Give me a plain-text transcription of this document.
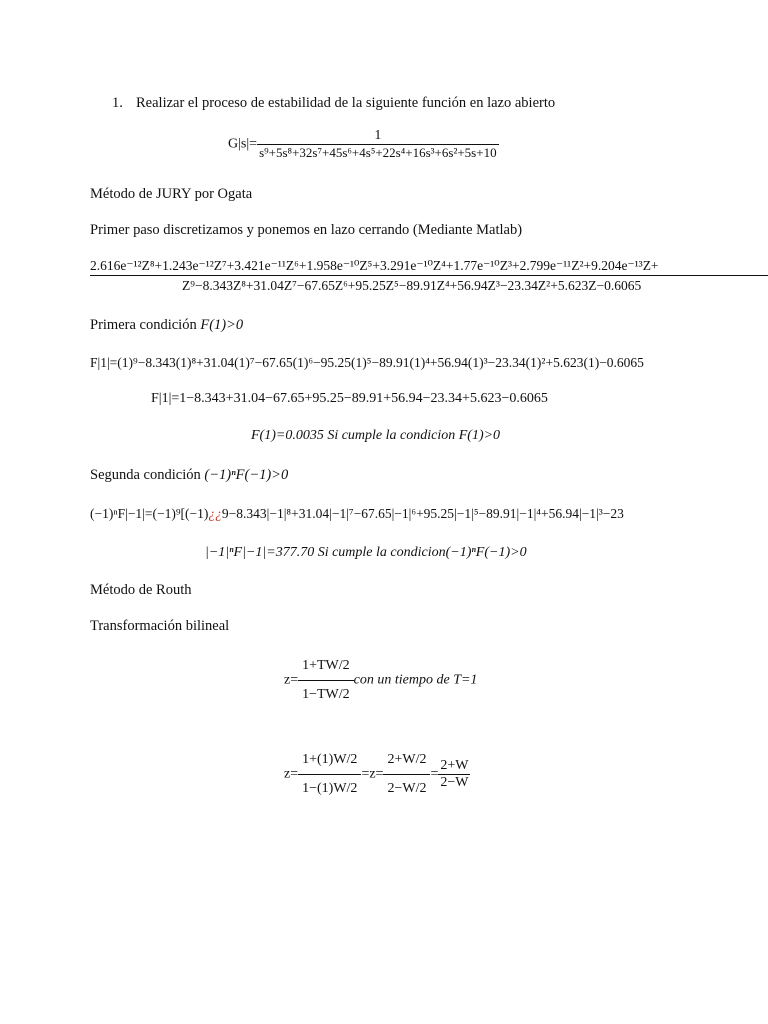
1. Realizar el proceso de estabilidad de la siguiente función en lazo abierto
$G|s|= \frac{1}{\text{s⁹+5s⁸+32s⁷+45s⁶+4s⁵+22s⁴+16s³+6s²+5s+10}}$
Método de JURY por Ogata
Primer paso discretizamos y ponemos en lazo cerrando (Mediante Matlab)
2.616e⁻¹²Z⁸+1.243e⁻¹²Z⁷+3.421e⁻¹¹Z⁶+1.958e⁻¹⁰Z⁵+3.291e⁻¹⁰Z⁴+1.77e⁻¹⁰Z³+2.799e⁻¹¹Z²+9.204e⁻¹³Z+
Z⁹−8.343Z⁸+31.04Z⁷−67.65Z⁶+95.25Z⁵−89.91Z⁴+56.94Z³−23.34Z²+5.623Z−0.6065
Primera condición F(1)>0
F|1|=(1)⁹−8.343(1)⁸+31.04(1)⁷−67.65(1)⁶−95.25(1)⁵−89.91(1)⁴+56.94(1)³−23.34(1)²+5.623(1)−0.6065
F|1|=1−8.343+31.04−67.65+95.25−89.91+56.94−23.34+5.623−0.6065
F(1)=0.0035 Si cumple la condicion F(1)>0
Segunda condición (−1)ⁿF(−1)>0
(−1)ⁿF|−1|=(−1)⁹[(−1)¿¿9−8.343|−1|⁸+31.04|−1|⁷−67.65|−1|⁶+95.25|−1|⁵−89.91|−1|⁴+56.94|−1|³−23
|−1|ⁿF|−1|=377.70 Si cumple la condicion(−1)ⁿF(−1)>0
Método de Routh
Transformación bilineal
$z= \frac{1+TW/2}{1-TW/2}$ con un tiempo de T=1
$z= \frac{1+(1)W/2}{1-(1)W/2} =z= \frac{2+W/2}{2-W/2} = \frac{2+W}{2-W}$
